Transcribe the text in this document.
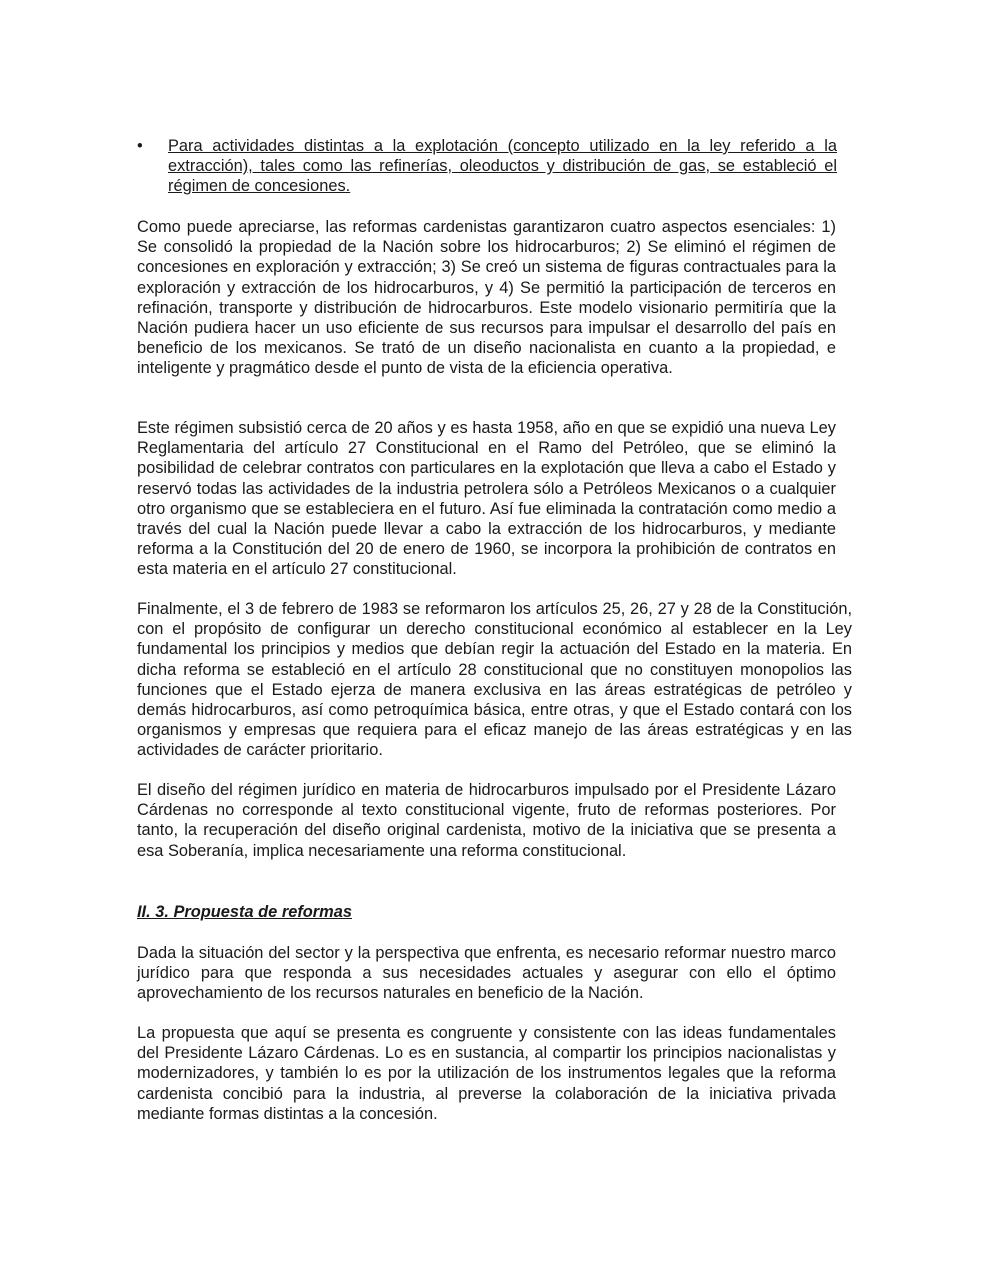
•	Para actividades distintas a la explotación (concepto utilizado en la ley referido a la extracción), tales como las refinerías, oleoductos y distribución de gas, se estableció el régimen de concesiones.

Como puede apreciarse, las reformas cardenistas garantizaron cuatro aspectos esenciales: 1) Se consolidó la propiedad de la Nación sobre los hidrocarburos; 2) Se eliminó el régimen de concesiones en exploración y extracción; 3) Se creó un sistema de figuras contractuales para la exploración y extracción de los hidrocarburos, y 4) Se permitió la participación de terceros en refinación, transporte y distribución de hidrocarburos. Este modelo visionario permitiría que la Nación pudiera hacer un uso eficiente de sus recursos para impulsar el desarrollo del país en beneficio de los mexicanos. Se trató de un diseño nacionalista en cuanto a la propiedad, e inteligente y pragmático desde el punto de vista de la eficiencia operativa.

Este régimen subsistió cerca de 20 años y es hasta 1958, año en que se expidió una nueva Ley Reglamentaria del artículo 27 Constitucional en el Ramo del Petróleo, que se eliminó la posibilidad de celebrar contratos con particulares en la explotación que lleva a cabo el Estado y reservó todas las actividades de la industria petrolera sólo a Petróleos Mexicanos o a cualquier otro organismo que se estableciera en el futuro. Así fue eliminada la contratación como medio a través del cual la Nación puede llevar a cabo la extracción de los hidrocarburos, y mediante reforma a la Constitución del 20 de enero de 1960, se incorpora la prohibición de contratos en esta materia en el artículo 27 constitucional.

Finalmente, el 3 de febrero de 1983 se reformaron los artículos 25, 26, 27 y 28 de la Constitución, con el propósito de configurar un derecho constitucional económico al establecer en la Ley fundamental los principios y medios que debían regir la actuación del Estado en la materia. En dicha reforma se estableció en el artículo 28 constitucional que no constituyen monopolios las funciones que el Estado ejerza de manera exclusiva en las áreas estratégicas de petróleo y demás hidrocarburos, así como petroquímica básica, entre otras, y que el Estado contará con los organismos y empresas que requiera para el eficaz manejo de las áreas estratégicas y en las actividades de carácter prioritario.

El diseño del régimen jurídico en materia de hidrocarburos impulsado por el Presidente Lázaro Cárdenas no corresponde al texto constitucional vigente, fruto de reformas posteriores. Por tanto, la recuperación del diseño original cardenista, motivo de la iniciativa que se presenta a esa Soberanía, implica necesariamente una reforma constitucional.

II. 3. Propuesta de reformas

Dada la situación del sector y la perspectiva que enfrenta, es necesario reformar nuestro marco jurídico para que responda a sus necesidades actuales y asegurar con ello el óptimo aprovechamiento de los recursos naturales en beneficio de la Nación.

La propuesta que aquí se presenta es congruente y consistente con las ideas fundamentales del Presidente Lázaro Cárdenas. Lo es en sustancia, al compartir los principios nacionalistas y modernizadores, y también lo es por la utilización de los instrumentos legales que la reforma cardenista concibió para la industria, al preverse la colaboración de la iniciativa privada mediante formas distintas a la concesión.
